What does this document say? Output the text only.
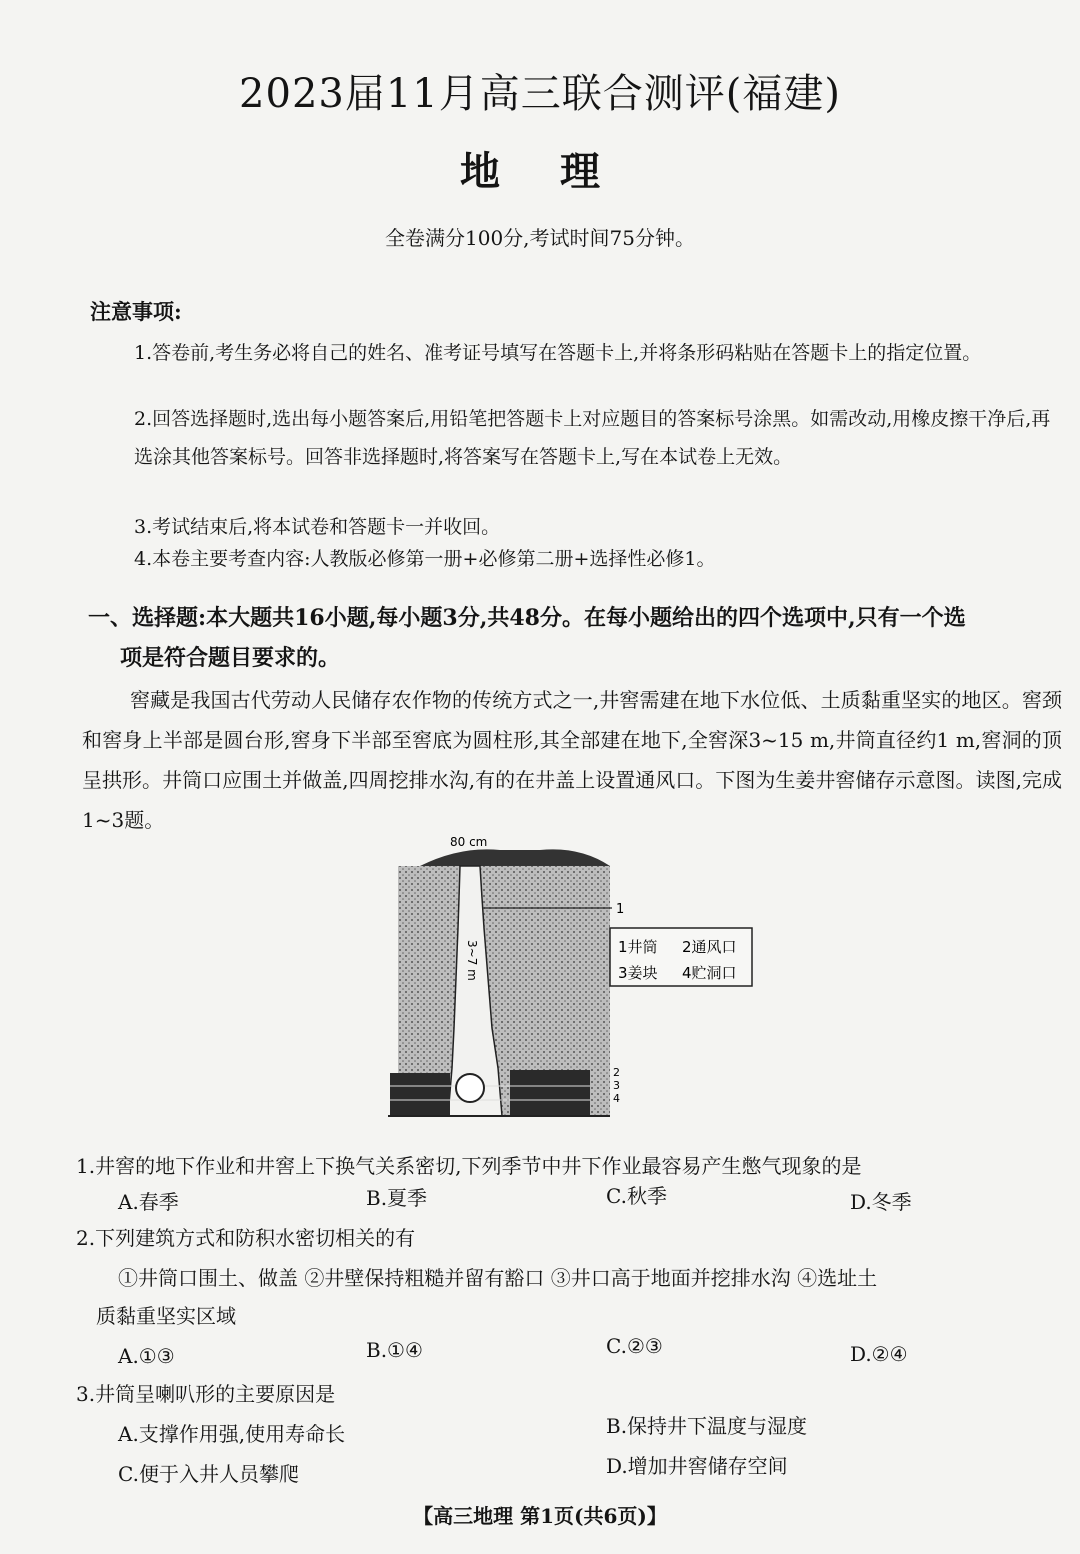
2023届11月高三联合测评(福建)
地理
全卷满分100分,考试时间75分钟。
注意事项:
1.答卷前,考生务必将自己的姓名、准考证号填写在答题卡上,并将条形码粘贴在答题卡上的指定位置。
2.回答选择题时,选出每小题答案后,用铅笔把答题卡上对应题目的答案标号涂黑。如需改动,用橡皮擦干净后,再选涂其他答案标号。回答非选择题时,将答案写在答题卡上,写在本试卷上无效。
3.考试结束后,将本试卷和答题卡一并收回。
4.本卷主要考查内容:人教版必修第一册+必修第二册+选择性必修1。
一、选择题:本大题共16小题,每小题3分,共48分。在每小题给出的四个选项中,只有一个选
项是符合题目要求的。
窖藏是我国古代劳动人民储存农作物的传统方式之一,井窖需建在地下水位低、土质黏重坚实的地区。窖颈和窖身上半部是圆台形,窖身下半部至窖底为圆柱形,其全部建在地下,全窖深3~15 m,井筒直径约1 m,窖洞的顶呈拱形。井筒口应围土并做盖,四周挖排水沟,有的在井盖上设置通风口。下图为生姜井窖储存示意图。读图,完成1~3题。
80 cm
1
3~7 m
2
3
4
1井筒 2通风口
3姜块 4贮洞口
1.井窖的地下作业和井窖上下换气关系密切,下列季节中井下作业最容易产生憋气现象的是
A.春季	B.夏季	C.秋季	D.冬季
2.下列建筑方式和防积水密切相关的有
①井筒口围土、做盖 ②井壁保持粗糙并留有豁口 ③井口高于地面并挖排水沟 ④选址土
质黏重坚实区域
A.①③	B.①④	C.②③	D.②④
3.井筒呈喇叭形的主要原因是
A.支撑作用强,使用寿命长	B.保持井下温度与湿度
C.便于入井人员攀爬	D.增加井窖储存空间
【高三地理 第1页(共6页)】
